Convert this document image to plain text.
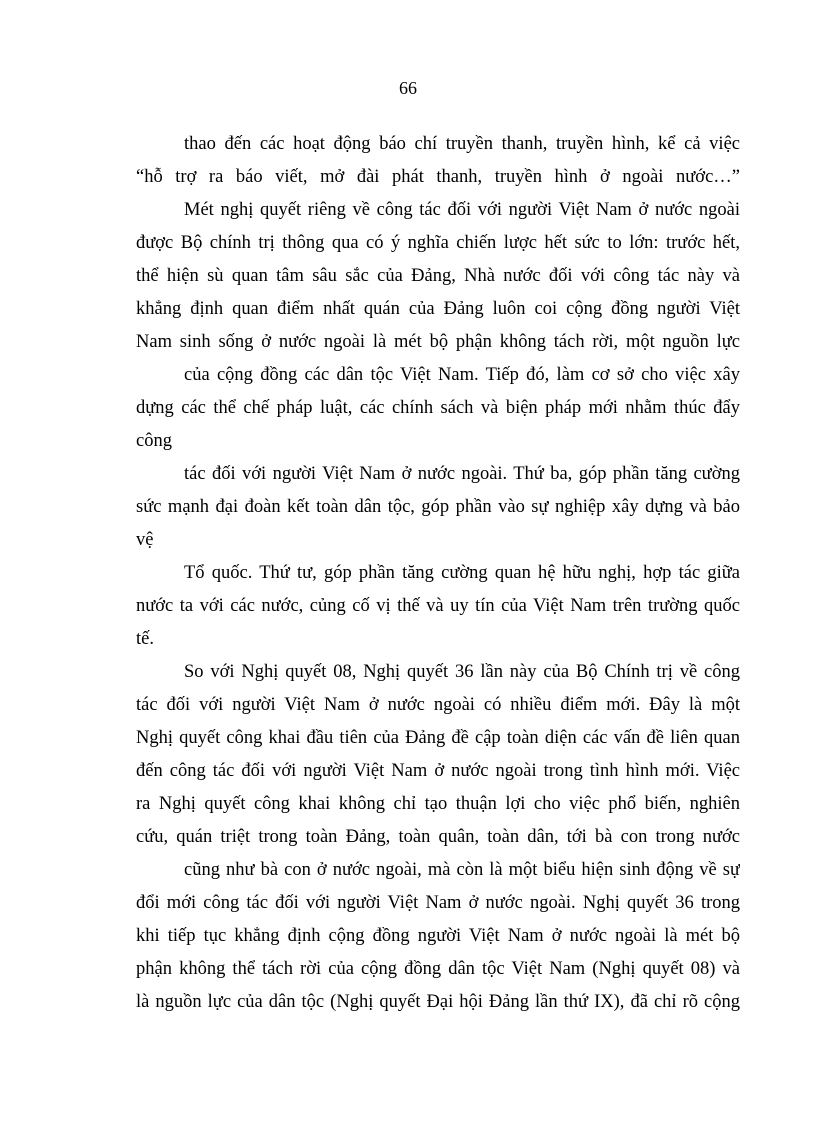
66
thao đến các hoạt động báo chí truyền thanh, truyền hình, kể cả việc
“hỗ trợ ra báo viết, mở đài phát thanh, truyền hình ở ngoài nước…”
Mét nghị quyết riêng về công tác đối với người Việt Nam ở nước ngoài
được Bộ chính trị thông qua có ý nghĩa chiến lược hết sức to lớn: trước hết,
thể hiện sù quan tâm sâu sắc của Đảng, Nhà nước đối với công tác này và
khẳng định quan điểm nhất quán của Đảng luôn coi cộng đồng người Việt
Nam sinh sống ở nước ngoài là mét bộ phận không tách rời, một nguồn lực
của cộng đồng các dân tộc Việt Nam. Tiếp đó, làm cơ sở cho việc xây
dựng các thể chế pháp luật, các chính sách và biện pháp mới nhằm thúc đẩy
công
tác đối với người Việt Nam ở nước ngoài. Thứ ba, góp phần tăng cường
sức mạnh đại đoàn kết toàn dân tộc, góp phần vào sự nghiệp xây dựng và bảo
vệ
Tổ quốc. Thứ tư, góp phần tăng cường quan hệ hữu nghị, hợp tác giữa
nước ta với các nước, củng cố vị thế và uy tín của Việt Nam trên trường quốc
tế.
So với Nghị quyết 08, Nghị quyết 36 lần này của Bộ Chính trị về công
tác đối với người Việt Nam ở nước ngoài có nhiều điểm mới. Đây là một
Nghị quyết công khai đầu tiên của Đảng đề cập toàn diện các vấn đề liên quan
đến công tác đối với người Việt Nam ở nước ngoài trong tình hình mới. Việc
ra Nghị quyết công khai không chỉ tạo thuận lợi cho việc phổ biến, nghiên
cứu, quán triệt trong toàn Đảng, toàn quân, toàn dân, tới bà con trong nước
cũng như bà con ở nước ngoài, mà còn là một biểu hiện sinh động về sự
đổi mới công tác đối với người Việt Nam ở nước ngoài. Nghị quyết 36 trong
khi tiếp tục khẳng định cộng đồng người Việt Nam ở nước ngoài là mét bộ
phận không thể tách rời của cộng đồng dân tộc Việt Nam (Nghị quyết 08) và
là nguồn lực của dân tộc (Nghị quyết Đại hội Đảng lần thứ IX), đã chỉ rõ cộng
